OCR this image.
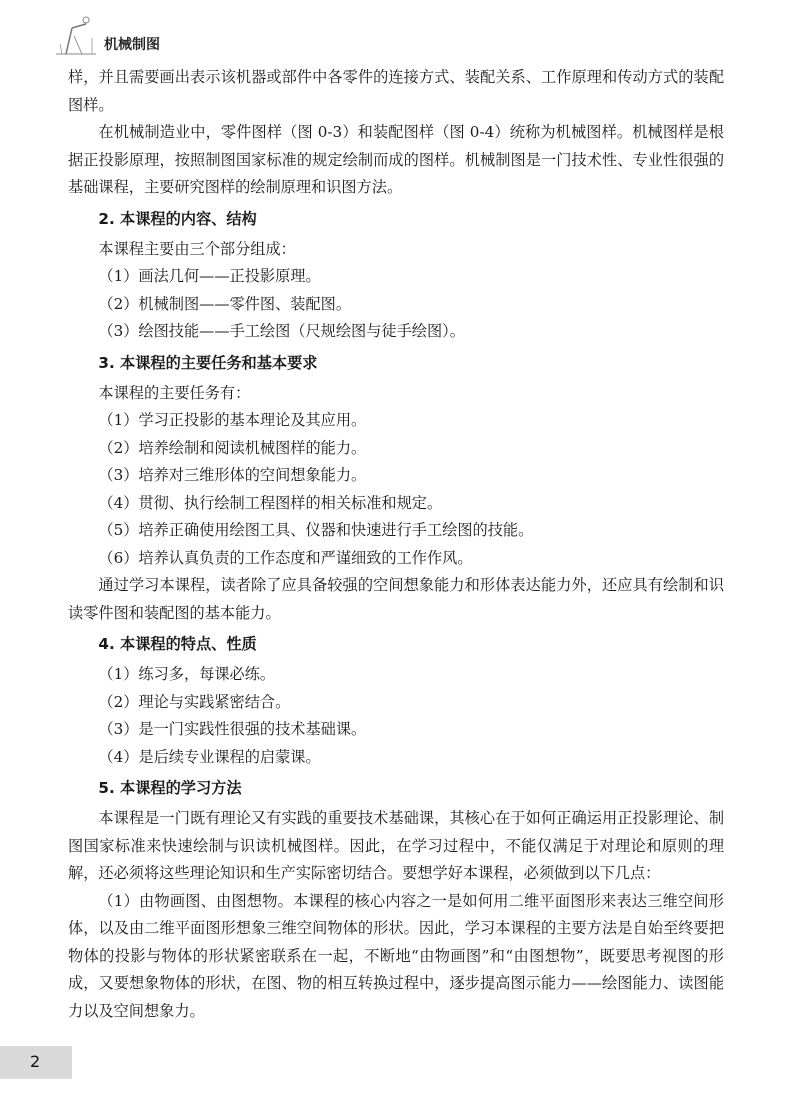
机械制图

样，并且需要画出表示该机器或部件中各零件的连接方式、装配关系、工作原理和传动方式的装配图样。

在机械制造业中，零件图样（图 0-3）和装配图样（图 0-4）统称为机械图样。机械图样是根据正投影原理，按照制图国家标准的规定绘制而成的图样。机械制图是一门技术性、专业性很强的基础课程，主要研究图样的绘制原理和识图方法。

2. 本课程的内容、结构

本课程主要由三个部分组成：

（1）画法几何——正投影原理。

（2）机械制图——零件图、装配图。

（3）绘图技能——手工绘图（尺规绘图与徒手绘图）。

3. 本课程的主要任务和基本要求

本课程的主要任务有：

（1）学习正投影的基本理论及其应用。

（2）培养绘制和阅读机械图样的能力。

（3）培养对三维形体的空间想象能力。

（4）贯彻、执行绘制工程图样的相关标准和规定。

（5）培养正确使用绘图工具、仪器和快速进行手工绘图的技能。

（6）培养认真负责的工作态度和严谨细致的工作作风。

通过学习本课程，读者除了应具备较强的空间想象能力和形体表达能力外，还应具有绘制和识读零件图和装配图的基本能力。

4. 本课程的特点、性质

（1）练习多，每课必练。

（2）理论与实践紧密结合。

（3）是一门实践性很强的技术基础课。

（4）是后续专业课程的启蒙课。

5. 本课程的学习方法

本课程是一门既有理论又有实践的重要技术基础课，其核心在于如何正确运用正投影理论、制图国家标准来快速绘制与识读机械图样。因此，在学习过程中，不能仅满足于对理论和原则的理解，还必须将这些理论知识和生产实际密切结合。要想学好本课程，必须做到以下几点：

（1）由物画图、由图想物。本课程的核心内容之一是如何用二维平面图形来表达三维空间形体，以及由二维平面图形想象三维空间物体的形状。因此，学习本课程的主要方法是自始至终要把物体的投影与物体的形状紧密联系在一起，不断地“由物画图”和“由图想物”，既要思考视图的形成，又要想象物体的形状，在图、物的相互转换过程中，逐步提高图示能力——绘图能力、读图能力以及空间想象力。

2
